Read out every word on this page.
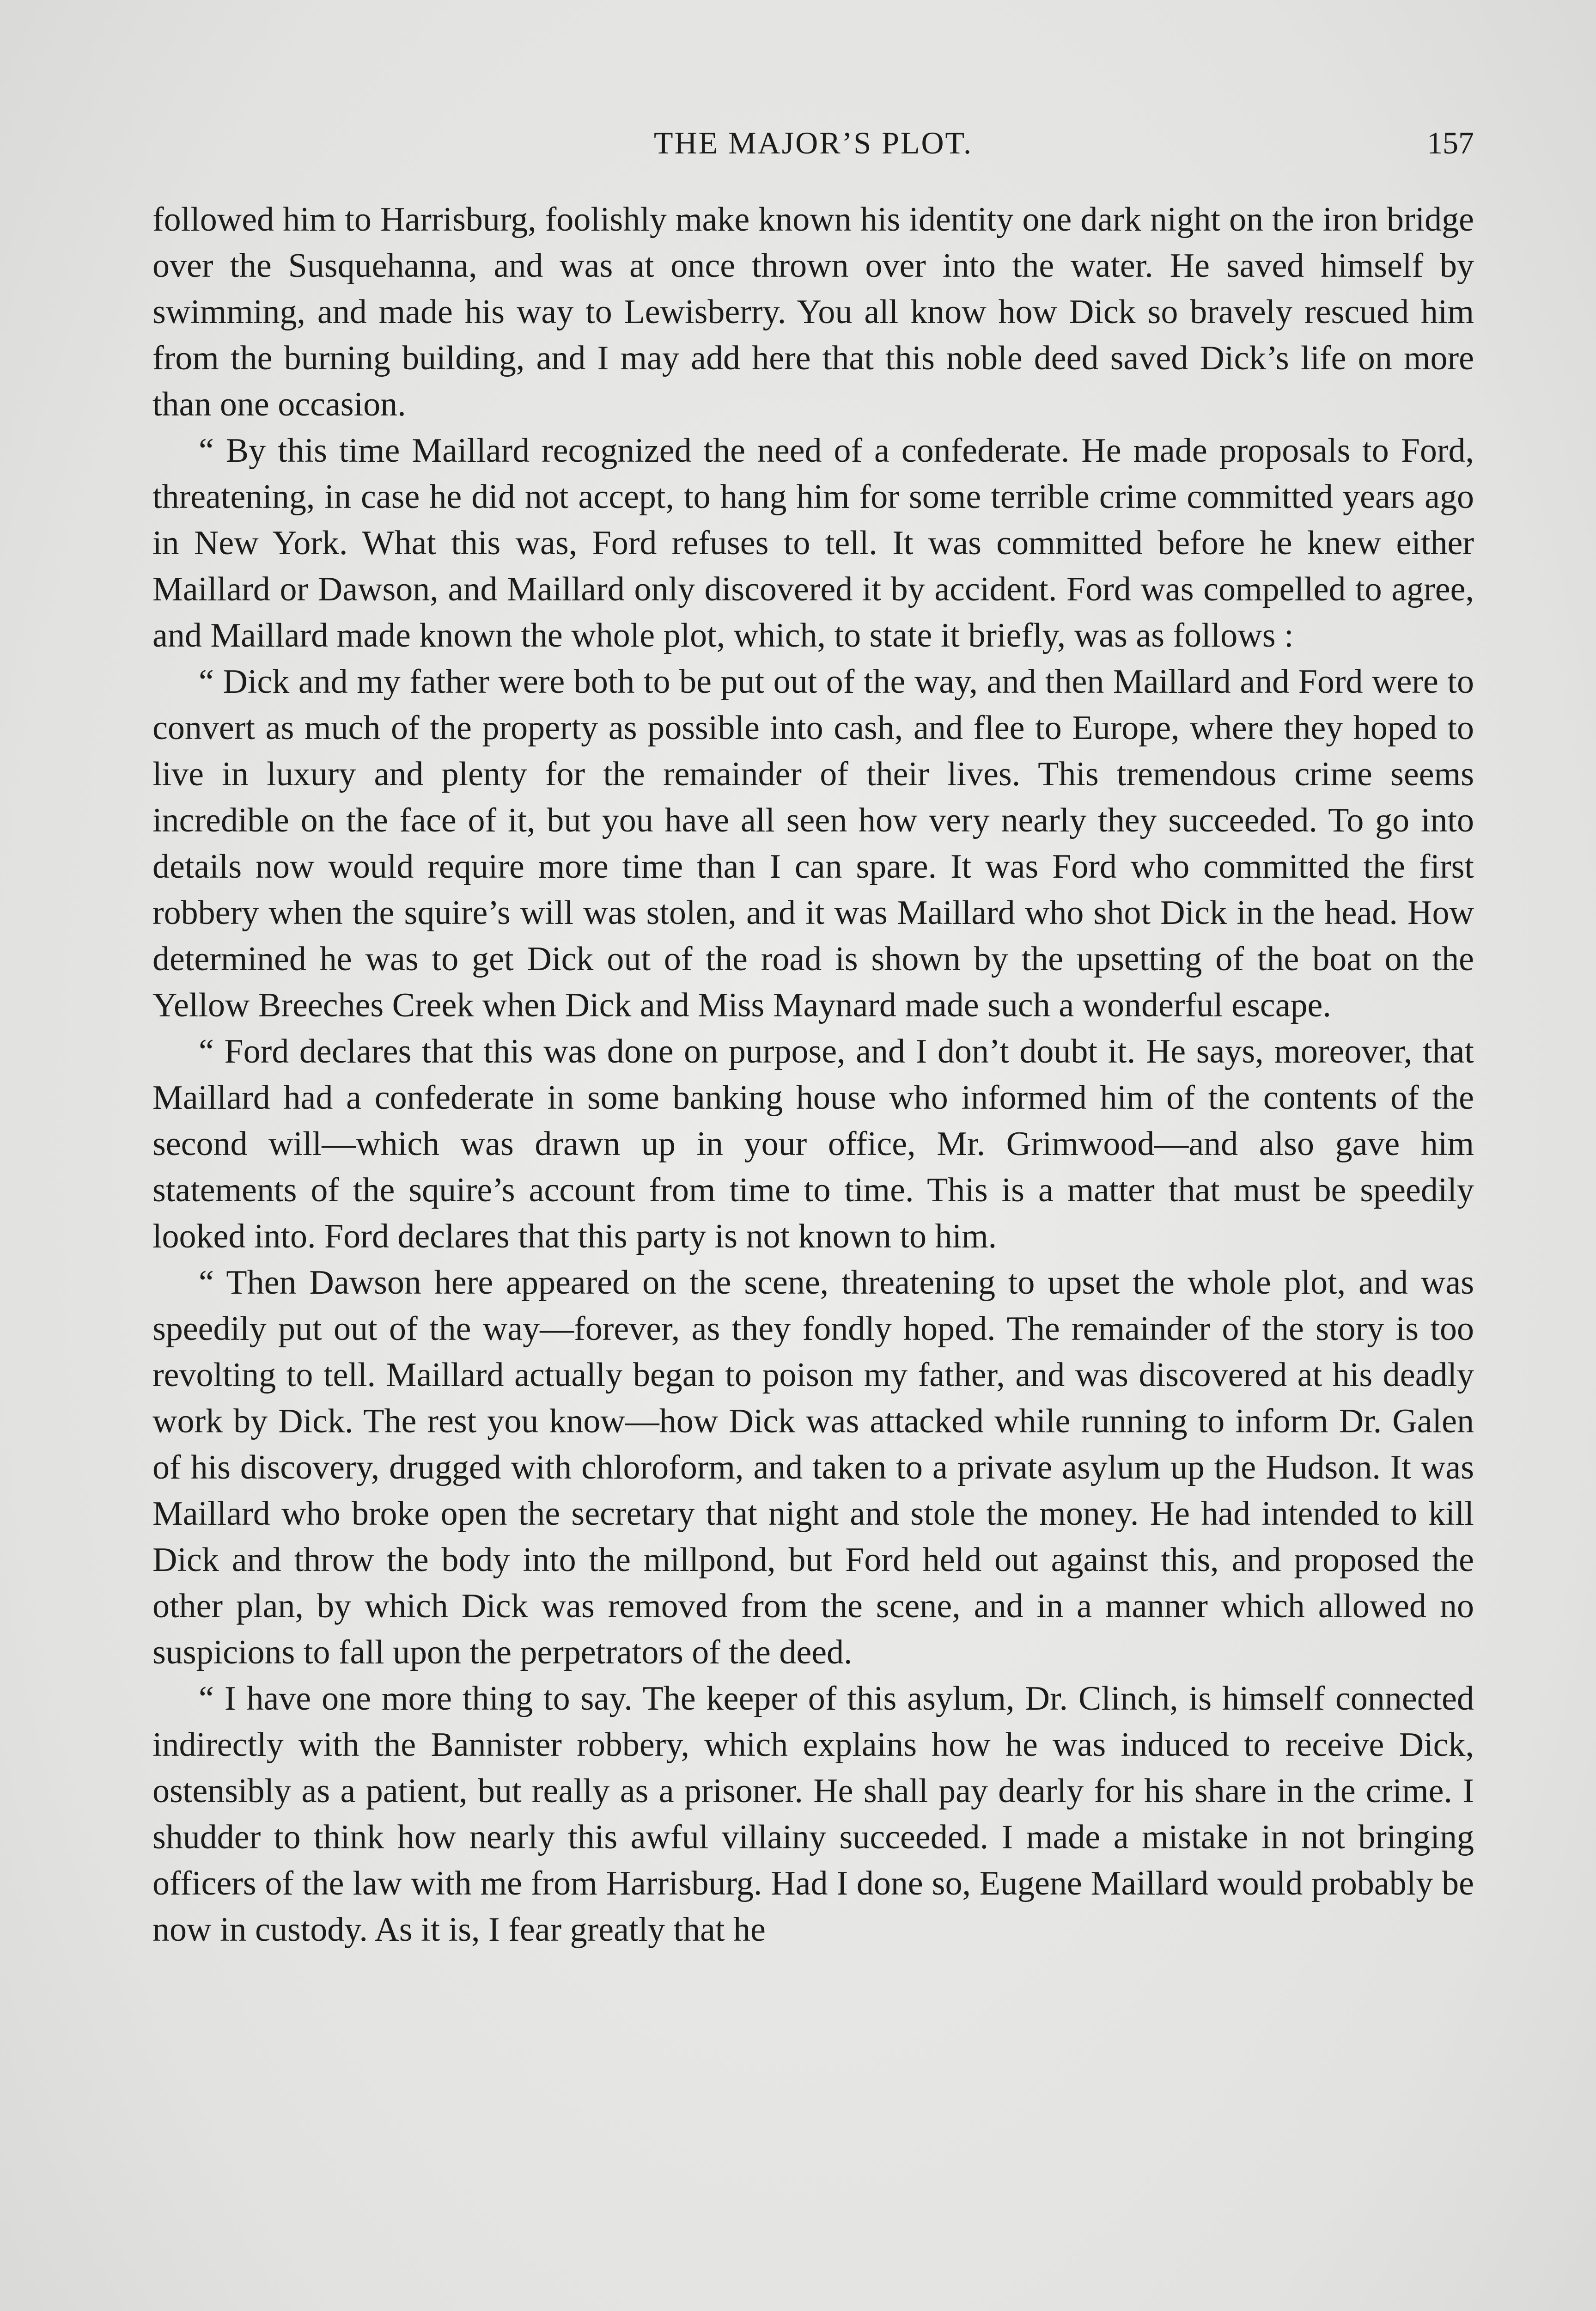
THE MAJOR’S PLOT.	157

followed him to Harrisburg, foolishly make known his identity one dark night on the iron bridge over the Susquehanna, and was at once thrown over into the water. He saved himself by swimming, and made his way to Lewisberry. You all know how Dick so bravely rescued him from the burning building, and I may add here that this noble deed saved Dick’s life on more than one occasion.

“ By this time Maillard recognized the need of a confederate. He made proposals to Ford, threatening, in case he did not accept, to hang him for some terrible crime committed years ago in New York. What this was, Ford refuses to tell. It was committed before he knew either Maillard or Dawson, and Maillard only discovered it by accident. Ford was compelled to agree, and Maillard made known the whole plot, which, to state it briefly, was as follows :

“ Dick and my father were both to be put out of the way, and then Maillard and Ford were to convert as much of the property as possible into cash, and flee to Europe, where they hoped to live in luxury and plenty for the remainder of their lives. This tremendous crime seems incredible on the face of it, but you have all seen how very nearly they succeeded. To go into details now would require more time than I can spare. It was Ford who committed the first robbery when the squire’s will was stolen, and it was Maillard who shot Dick in the head. How determined he was to get Dick out of the road is shown by the upsetting of the boat on the Yellow Breeches Creek when Dick and Miss Maynard made such a wonderful escape.

“ Ford declares that this was done on purpose, and I don’t doubt it. He says, moreover, that Maillard had a confederate in some banking house who informed him of the contents of the second will—which was drawn up in your office, Mr. Grimwood—and also gave him statements of the squire’s account from time to time. This is a matter that must be speedily looked into. Ford declares that this party is not known to him.

“ Then Dawson here appeared on the scene, threatening to upset the whole plot, and was speedily put out of the way—forever, as they fondly hoped. The remainder of the story is too revolting to tell. Maillard actually began to poison my father, and was discovered at his deadly work by Dick. The rest you know—how Dick was attacked while running to inform Dr. Galen of his discovery, drugged with chloroform, and taken to a private asylum up the Hudson. It was Maillard who broke open the secretary that night and stole the money. He had intended to kill Dick and throw the body into the millpond, but Ford held out against this, and proposed the other plan, by which Dick was removed from the scene, and in a manner which allowed no suspicions to fall upon the perpetrators of the deed.

“ I have one more thing to say. The keeper of this asylum, Dr. Clinch, is himself connected indirectly with the Bannister robbery, which explains how he was induced to receive Dick, ostensibly as a patient, but really as a prisoner. He shall pay dearly for his share in the crime. I shudder to think how nearly this awful villainy succeeded. I made a mistake in not bringing officers of the law with me from Harrisburg. Had I done so, Eugene Maillard would probably be now in custody. As it is, I fear greatly that he
